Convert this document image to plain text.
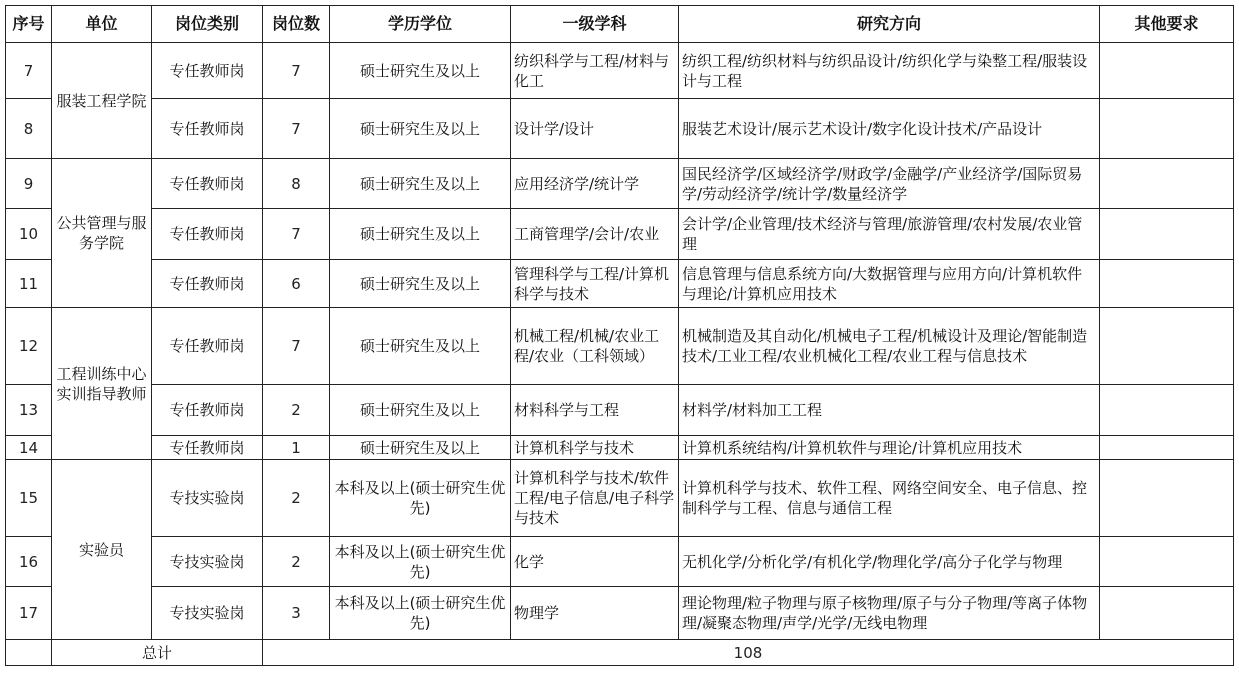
序号	单位	岗位类别	岗位数	学历学位	一级学科	研究方向	其他要求
7	服装工程学院	专任教师岗	7	硕士研究生及以上	纺织科学与工程/材料与化工	纺织工程/纺织材料与纺织品设计/纺织化学与染整工程/服装设计与工程	
8		专任教师岗	7	硕士研究生及以上	设计学/设计	服装艺术设计/展示艺术设计/数字化设计技术/产品设计	
9	公共管理与服务学院	专任教师岗	8	硕士研究生及以上	应用经济学/统计学	国民经济学/区域经济学/财政学/金融学/产业经济学/国际贸易学/劳动经济学/统计学/数量经济学	
10		专任教师岗	7	硕士研究生及以上	工商管理学/会计/农业	会计学/企业管理/技术经济与管理/旅游管理/农村发展/农业管理	
11		专任教师岗	6	硕士研究生及以上	管理科学与工程/计算机科学与技术	信息管理与信息系统方向/大数据管理与应用方向/计算机软件与理论/计算机应用技术	
12	工程训练中心实训指导教师	专任教师岗	7	硕士研究生及以上	机械工程/机械/农业工程/农业（工科领域）	机械制造及其自动化/机械电子工程/机械设计及理论/智能制造技术/工业工程/农业机械化工程/农业工程与信息技术	
13		专任教师岗	2	硕士研究生及以上	材料科学与工程	材料学/材料加工工程	
14		专任教师岗	1	硕士研究生及以上	计算机科学与技术	计算机系统结构/计算机软件与理论/计算机应用技术	
15	实验员	专技实验岗	2	本科及以上(硕士研究生优先)	计算机科学与技术/软件工程/电子信息/电子科学与技术	计算机科学与技术、软件工程、网络空间安全、电子信息、控制科学与工程、信息与通信工程	
16		专技实验岗	2	本科及以上(硕士研究生优先)	化学	无机化学/分析化学/有机化学/物理化学/高分子化学与物理	
17		专技实验岗	3	本科及以上(硕士研究生优先)	物理学	理论物理/粒子物理与原子核物理/原子与分子物理/等离子体物理/凝聚态物理/声学/光学/无线电物理	
	总计		108				
